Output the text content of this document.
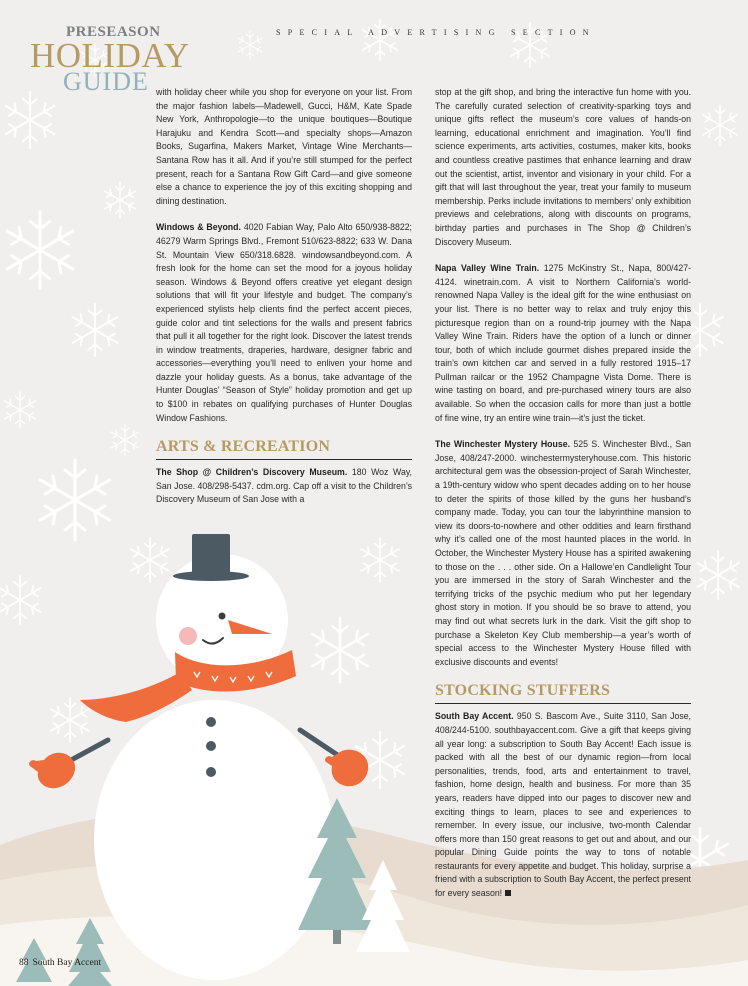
PRESEASON
HOLIDAY
GUIDE
SPECIAL ADVERTISING SECTION

with holiday cheer while you shop for everyone on your list. From the major fashion labels—Madewell, Gucci, H&M, Kate Spade New York, Anthropologie—to the unique boutiques—Boutique Harajuku and Kendra Scott—and specialty shops—Amazon Books, Sugarfina, Makers Market, Vintage Wine Merchants—Santana Row has it all. And if you’re still stumped for the perfect present, reach for a Santana Row Gift Card—and give someone else a chance to experience the joy of this exciting shopping and dining destination.

Windows & Beyond. 4020 Fabian Way, Palo Alto 650/938-8822; 46279 Warm Springs Blvd., Fremont 510/623-8822; 633 W. Dana St. Mountain View 650/318.6828. windowsandbeyond.com. A fresh look for the home can set the mood for a joyous holiday season. Windows & Beyond offers creative yet elegant design solutions that will fit your lifestyle and budget. The company’s experienced stylists help clients find the perfect accent pieces, guide color and tint selections for the walls and present fabrics that pull it all together for the right look. Discover the latest trends in window treatments, draperies, hardware, designer fabric and accessories—everything you’ll need to enliven your home and dazzle your holiday guests. As a bonus, take advantage of the Hunter Douglas’ “Season of Style” holiday promotion and get up to $100 in rebates on qualifying purchases of Hunter Douglas Window Fashions.

ARTS & RECREATION

The Shop @ Children’s Discovery Museum. 180 Woz Way, San Jose. 408/298-5437. cdm.org. Cap off a visit to the Children’s Discovery Museum of San Jose with a

stop at the gift shop, and bring the interactive fun home with you. The carefully curated selection of creativity-sparking toys and unique gifts reflect the museum’s core values of hands-on learning, educational enrichment and imagination. You’ll find science experiments, arts activities, costumes, maker kits, books and countless creative pastimes that enhance learning and draw out the scientist, artist, inventor and visionary in your child. For a gift that will last throughout the year, treat your family to museum membership. Perks include invitations to members’ only exhibition previews and celebrations, along with discounts on programs, birthday parties and purchases in The Shop @ Children’s Discovery Museum.

Napa Valley Wine Train. 1275 McKinstry St., Napa, 800/427-4124. winetrain.com. A visit to Northern California’s world-renowned Napa Valley is the ideal gift for the wine enthusiast on your list. There is no better way to relax and truly enjoy this picturesque region than on a round-trip journey with the Napa Valley Wine Train. Riders have the option of a lunch or dinner tour, both of which include gourmet dishes prepared inside the train’s own kitchen car and served in a fully restored 1915–17 Pullman railcar or the 1952 Champagne Vista Dome. There is wine tasting on board, and pre-purchased winery tours are also available. So when the occasion calls for more than just a bottle of fine wine, try an entire wine train—it’s just the ticket.

The Winchester Mystery House. 525 S. Winchester Blvd., San Jose, 408/247-2000. winchestermysteryhouse.com. This historic architectural gem was the obsession-project of Sarah Winchester, a 19th-century widow who spent decades adding on to her house to deter the spirits of those killed by the guns her husband’s company made. Today, you can tour the labyrinthine mansion to view its doors-to-nowhere and other oddities and learn firsthand why it’s called one of the most haunted places in the world. In October, the Winchester Mystery House has a spirited awakening to those on the . . . other side. On a Hallowe’en Candlelight Tour you are immersed in the story of Sarah Winchester and the terrifying tricks of the psychic medium who put her legendary ghost story in motion. If you should be so brave to attend, you may find out what secrets lurk in the dark. Visit the gift shop to purchase a Skeleton Key Club membership—a year’s worth of special access to the Winchester Mystery House filled with exclusive discounts and events!

STOCKING STUFFERS

South Bay Accent. 950 S. Bascom Ave., Suite 3110, San Jose, 408/244-5100. southbayaccent.com. Give a gift that keeps giving all year long: a subscription to South Bay Accent! Each issue is packed with all the best of our dynamic region—from local personalities, trends, food, arts and entertainment to travel, fashion, home design, health and business. For more than 35 years, readers have dipped into our pages to discover new and exciting things to learn, places to see and experiences to remember. In every issue, our inclusive, two-month Calendar offers more than 150 great reasons to get out and about, and our popular Dining Guide points the way to tons of notable restaurants for every appetite and budget. This holiday, surprise a friend with a subscription to South Bay Accent, the perfect present for every season!

88 South Bay Accent
